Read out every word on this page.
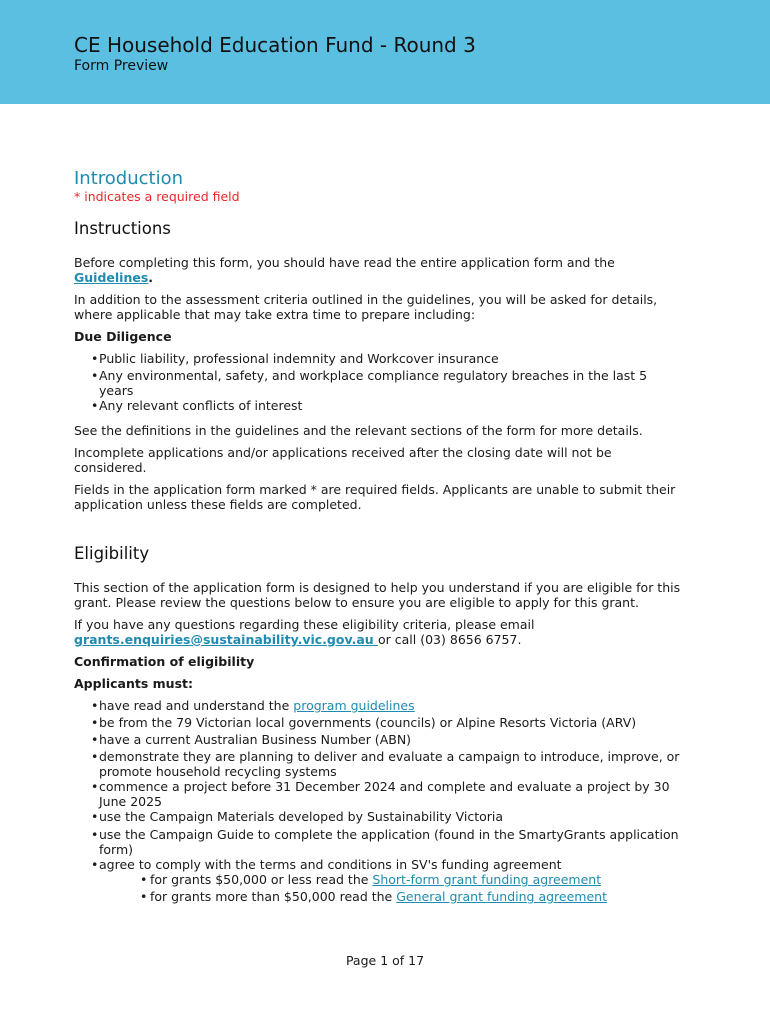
CE Household Education Fund - Round 3
Form Preview
Introduction

* indicates a required field

Instructions

Before completing this form, you should have read the entire application form and the Guidelines.

In addition to the assessment criteria outlined in the guidelines, you will be asked for details, where applicable that may take extra time to prepare including:

Due Diligence

• Public liability, professional indemnity and Workcover insurance
• Any environmental, safety, and workplace compliance regulatory breaches in the last 5 years
• Any relevant conflicts of interest

See the definitions in the guidelines and the relevant sections of the form for more details.

Incomplete applications and/or applications received after the closing date will not be considered.

Fields in the application form marked * are required fields. Applicants are unable to submit their application unless these fields are completed.

Eligibility

This section of the application form is designed to help you understand if you are eligible for this grant. Please review the questions below to ensure you are eligible to apply for this grant.

If you have any questions regarding these eligibility criteria, please email grants.enquiries@sustainability.vic.gov.au or call (03) 8656 6757.

Confirmation of eligibility

Applicants must:

• have read and understand the program guidelines
• be from the 79 Victorian local governments (councils) or Alpine Resorts Victoria (ARV)
• have a current Australian Business Number (ABN)
• demonstrate they are planning to deliver and evaluate a campaign to introduce, improve, or promote household recycling systems
• commence a project before 31 December 2024 and complete and evaluate a project by 30 June 2025
• use the Campaign Materials developed by Sustainability Victoria
• use the Campaign Guide to complete the application (found in the SmartyGrants application form)
• agree to comply with the terms and conditions in SV's funding agreement
• for grants $50,000 or less read the Short-form grant funding agreement
• for grants more than $50,000 read the General grant funding agreement
Page 1 of 17
